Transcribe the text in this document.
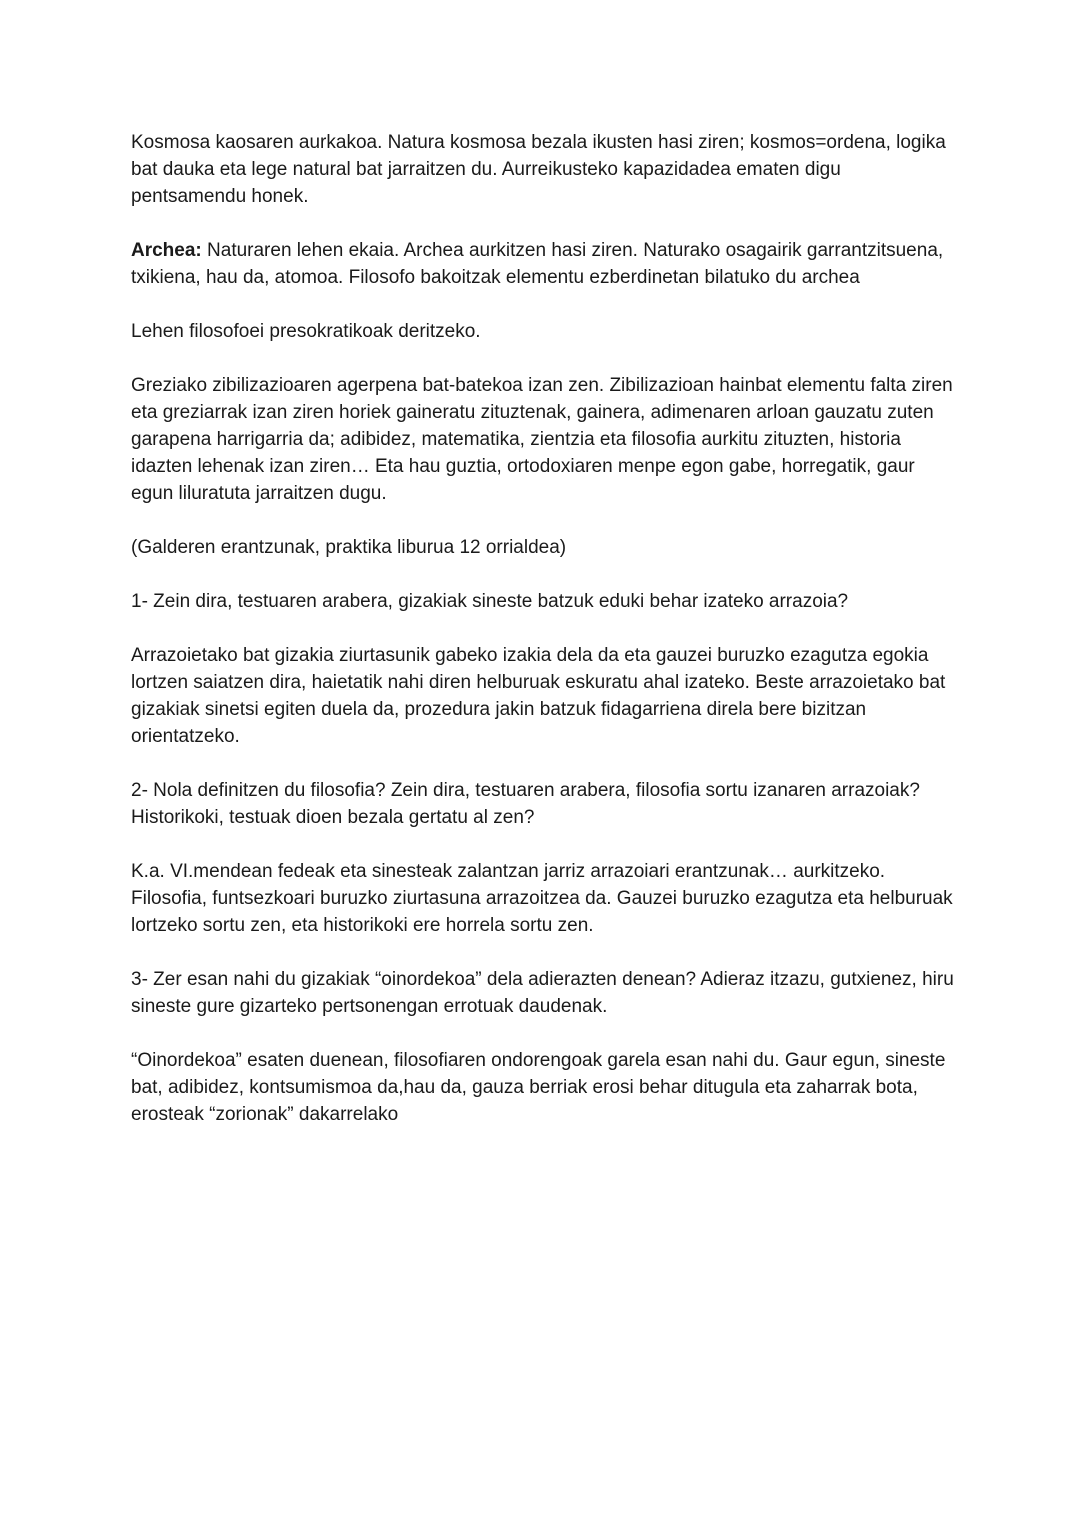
Kosmosa kaosaren aurkakoa. Natura kosmosa bezala ikusten hasi ziren; kosmos=ordena, logika bat dauka eta lege natural bat jarraitzen du. Aurreikusteko kapazidadea ematen digu pentsamendu honek.

Archea: Naturaren lehen ekaia. Archea aurkitzen hasi ziren. Naturako osagairik garrantzitsuena, txikiena, hau da, atomoa. Filosofo bakoitzak elementu ezberdinetan bilatuko du archea

Lehen filosofoei presokratikoak deritzeko.

Greziako zibilizazioaren agerpena bat-batekoa izan zen. Zibilizazioan hainbat elementu falta ziren eta greziarrak izan ziren horiek gaineratu zituztenak, gainera, adimenaren arloan gauzatu zuten garapena harrigarria da; adibidez, matematika, zientzia eta filosofia aurkitu zituzten, historia idazten lehenak izan ziren… Eta hau guztia, ortodoxiaren menpe egon gabe, horregatik, gaur egun liluratuta jarraitzen dugu.

(Galderen erantzunak, praktika liburua 12 orrialdea)

1- Zein dira, testuaren arabera, gizakiak sineste batzuk eduki behar izateko arrazoia?

Arrazoietako bat gizakia ziurtasunik gabeko izakia dela da eta gauzei buruzko ezagutza egokia lortzen saiatzen dira, haietatik nahi diren helburuak eskuratu ahal izateko. Beste arrazoietako bat gizakiak sinetsi egiten duela da, prozedura jakin batzuk fidagarriena direla bere bizitzan orientatzeko.

2- Nola definitzen du filosofia? Zein dira, testuaren arabera, filosofia sortu izanaren arrazoiak? Historikoki, testuak dioen bezala gertatu al zen?

K.a. VI.mendean fedeak eta sinesteak zalantzan jarriz arrazoiari erantzunak… aurkitzeko. Filosofia, funtsezkoari buruzko ziurtasuna arrazoitzea da. Gauzei buruzko ezagutza eta helburuak lortzeko sortu zen, eta historikoki ere horrela sortu zen.

3- Zer esan nahi du gizakiak “oinordekoa” dela adierazten denean? Adieraz itzazu, gutxienez, hiru sineste gure gizarteko pertsonengan errotuak daudenak.

“Oinordekoa” esaten duenean, filosofiaren ondorengoak garela esan nahi du. Gaur egun, sineste bat, adibidez, kontsumismoa da,hau da, gauza berriak erosi behar ditugula eta zaharrak bota, erosteak “zorionak” dakarrelako
